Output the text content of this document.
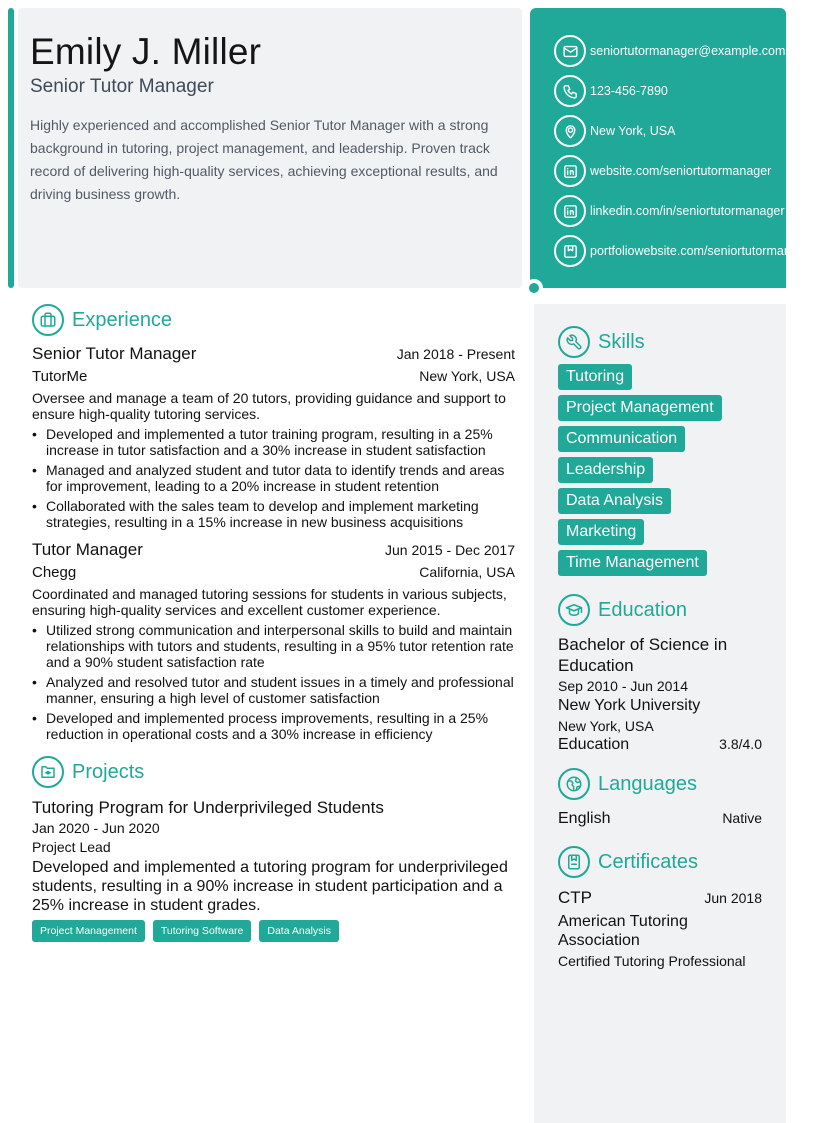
Emily J. Miller
Senior Tutor Manager
Highly experienced and accomplished Senior Tutor Manager with a strong background in tutoring, project management, and leadership. Proven track record of delivering high-quality services, achieving exceptional results, and driving business growth.
seniortutormanager@example.com
123-456-7890
New York, USA
website.com/seniortutormanager
linkedin.com/in/seniortutormanager
portfoliowebsite.com/seniortutormanager
Experience
Senior Tutor Manager	Jan 2018 - Present
TutorMe	New York, USA
Oversee and manage a team of 20 tutors, providing guidance and support to ensure high-quality tutoring services.
• Developed and implemented a tutor training program, resulting in a 25% increase in tutor satisfaction and a 30% increase in student satisfaction
• Managed and analyzed student and tutor data to identify trends and areas for improvement, leading to a 20% increase in student retention
• Collaborated with the sales team to develop and implement marketing strategies, resulting in a 15% increase in new business acquisitions
Tutor Manager	Jun 2015 - Dec 2017
Chegg	California, USA
Coordinated and managed tutoring sessions for students in various subjects, ensuring high-quality services and excellent customer experience.
• Utilized strong communication and interpersonal skills to build and maintain relationships with tutors and students, resulting in a 95% tutor retention rate and a 90% student satisfaction rate
• Analyzed and resolved tutor and student issues in a timely and professional manner, ensuring a high level of customer satisfaction
• Developed and implemented process improvements, resulting in a 25% reduction in operational costs and a 30% increase in efficiency
Projects
Tutoring Program for Underprivileged Students
Jan 2020 - Jun 2020
Project Lead
Developed and implemented a tutoring program for underprivileged students, resulting in a 90% increase in student participation and a 25% increase in student grades.
Project Management	Tutoring Software	Data Analysis
Skills
Tutoring
Project Management
Communication
Leadership
Data Analysis
Marketing
Time Management
Education
Bachelor of Science in Education
Sep 2010 - Jun 2014
New York University
New York, USA
Education	3.8/4.0
Languages
English	Native
Certificates
CTP	Jun 2018
American Tutoring Association
Certified Tutoring Professional
